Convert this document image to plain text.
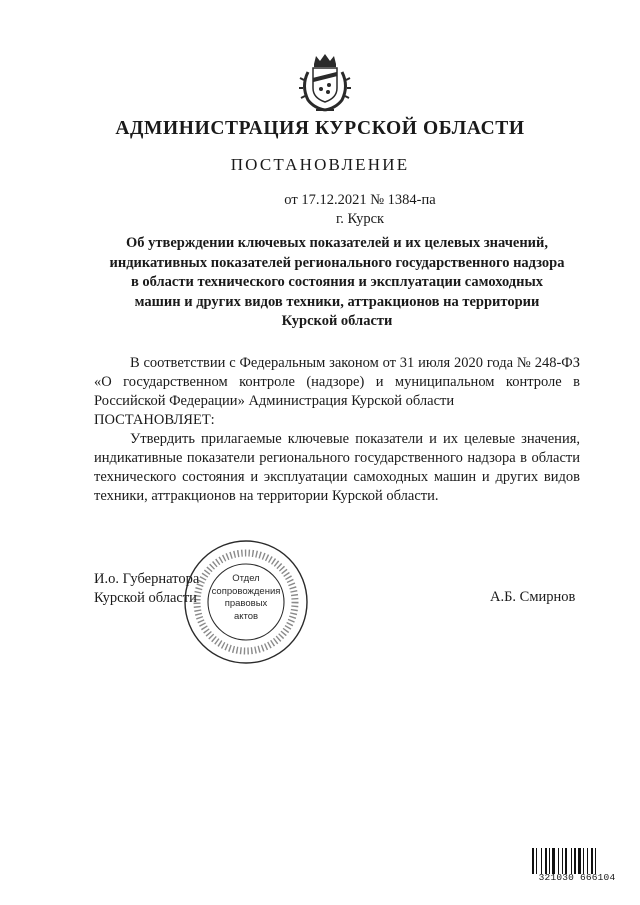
АДМИНИСТРАЦИЯ КУРСКОЙ ОБЛАСТИ
ПОСТАНОВЛЕНИЕ
от 17.12.2021 № 1384-па
г. Курск
Об утверждении ключевых показателей и их целевых значений,
индикативных показателей регионального государственного надзора
в области технического состояния и эксплуатации самоходных
машин и других видов техники, аттракционов на территории
Курской области

В соответствии с Федеральным законом от 31 июля 2020 года № 248-ФЗ «О государственном контроле (надзоре) и муниципальном контроле в Российской Федерации» Администрация Курской области

ПОСТАНОВЛЯЕТ:

Утвердить прилагаемые ключевые показатели и их целевые значения, индикативные показатели регионального государственного надзора в области технического состояния и эксплуатации самоходных машин и других видов техники, аттракционов на территории Курской области.

И.о. Губернатора
Курской области	А.Б. Смирнов
Отдел
сопровождения
правовых
актов
321030 666104
